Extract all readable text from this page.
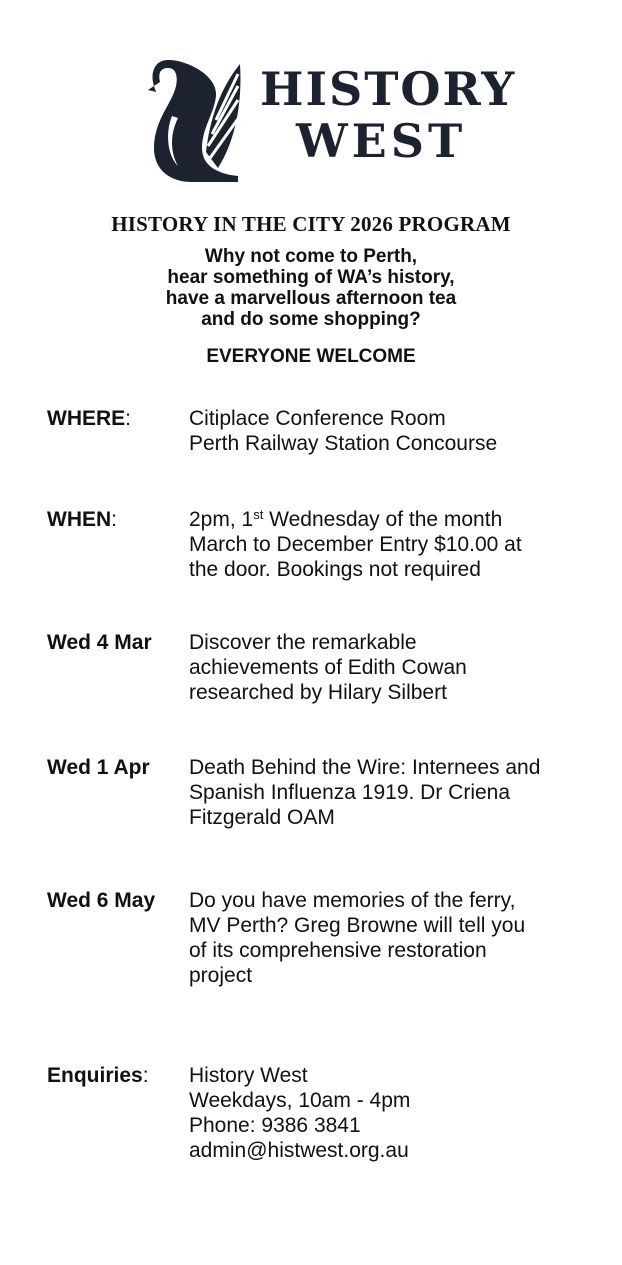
HISTORY
WEST
HISTORY IN THE CITY 2026 PROGRAM
Why not come to Perth,
hear something of WA’s history,
have a marvellous afternoon tea
and do some shopping?
EVERYONE WELCOME
WHERE:	Citiplace Conference Room
Perth Railway Station Concourse
WHEN:	2pm, 1st Wednesday of the month
March to December Entry $10.00 at
the door. Bookings not required
Wed 4 Mar	Discover the remarkable
achievements of Edith Cowan
researched by Hilary Silbert
Wed 1 Apr	Death Behind the Wire: Internees and
Spanish Influenza 1919. Dr Criena
Fitzgerald OAM
Wed 6 May	Do you have memories of the ferry,
MV Perth? Greg Browne will tell you
of its comprehensive restoration
project
Enquiries:	History West
Weekdays, 10am - 4pm
Phone: 9386 3841
admin@histwest.org.au
